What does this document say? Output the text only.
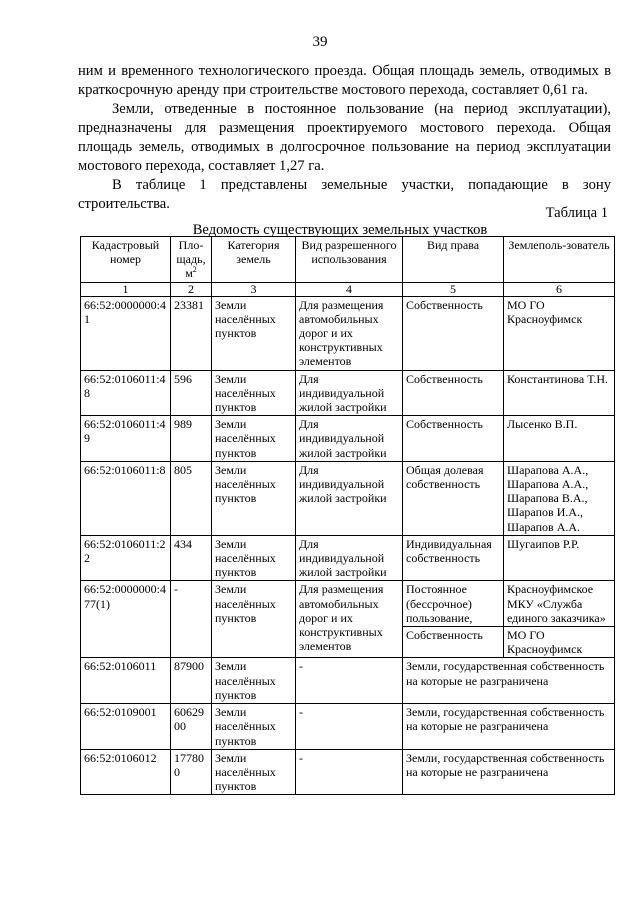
39

ним и временного технологического проезда. Общая площадь земель, отводимых в краткосрочную аренду при строительстве мостового перехода, составляет 0,61 га.

Земли, отведенные в постоянное пользование (на период эксплуатации), предназначены для размещения проектируемого мостового перехода. Общая площадь земель, отводимых в долгосрочное пользование на период эксплуатации мостового перехода, составляет 1,27 га.

В таблице 1 представлены земельные участки, попадающие в зону строительства.

Таблица 1
Ведомость существующих земельных участков
Кадастровый номер	Пло-щадь, $м^2$	Категория земель	Вид разрешенного использования	Вид права	Землеполь-зователь
1	2	3	4	5	6
66:52:0000000:41	23381	Земли населённых пунктов	Для размещения автомобильных дорог и их конструктивных элементов	Собственность	МО ГО Красноуфимск
66:52:0106011:48	596	Земли населённых пунктов	Для индивидуальной жилой застройки	Собственность	Константинова Т.Н.
66:52:0106011:49	989	Земли населённых пунктов	Для индивидуальной жилой застройки	Собственность	Лысенко В.П.
66:52:0106011:8	805	Земли населённых пунктов	Для индивидуальной жилой застройки	Общая долевая собственность	Шарапова А.А., Шарапова А.А., Шарапова В.А., Шарапов И.А., Шарапов А.А.
66:52:0106011:22	434	Земли населённых пунктов	Для индивидуальной жилой застройки	Индивидуальная собственность	Шугаипов Р.Р.
66:52:0000000:477(1)	-	Земли населённых пунктов	Для размещения автомобильных дорог и их конструктивных элементов	Постоянное (бессрочное) пользование,	Красноуфимское МКУ «Служба единого заказчика»
				Собственность	МО ГО Красноуфимск
66:52:0106011	87900	Земли населённых пунктов	-	Земли, государственная собственность на которые не разграничена	
66:52:0109001	6062900	Земли населённых пунктов	-	Земли, государственная собственность на которые не разграничена	
66:52:0106012	177800	Земли населённых пунктов	-	Земли, государственная собственность на которые не разграничена	
